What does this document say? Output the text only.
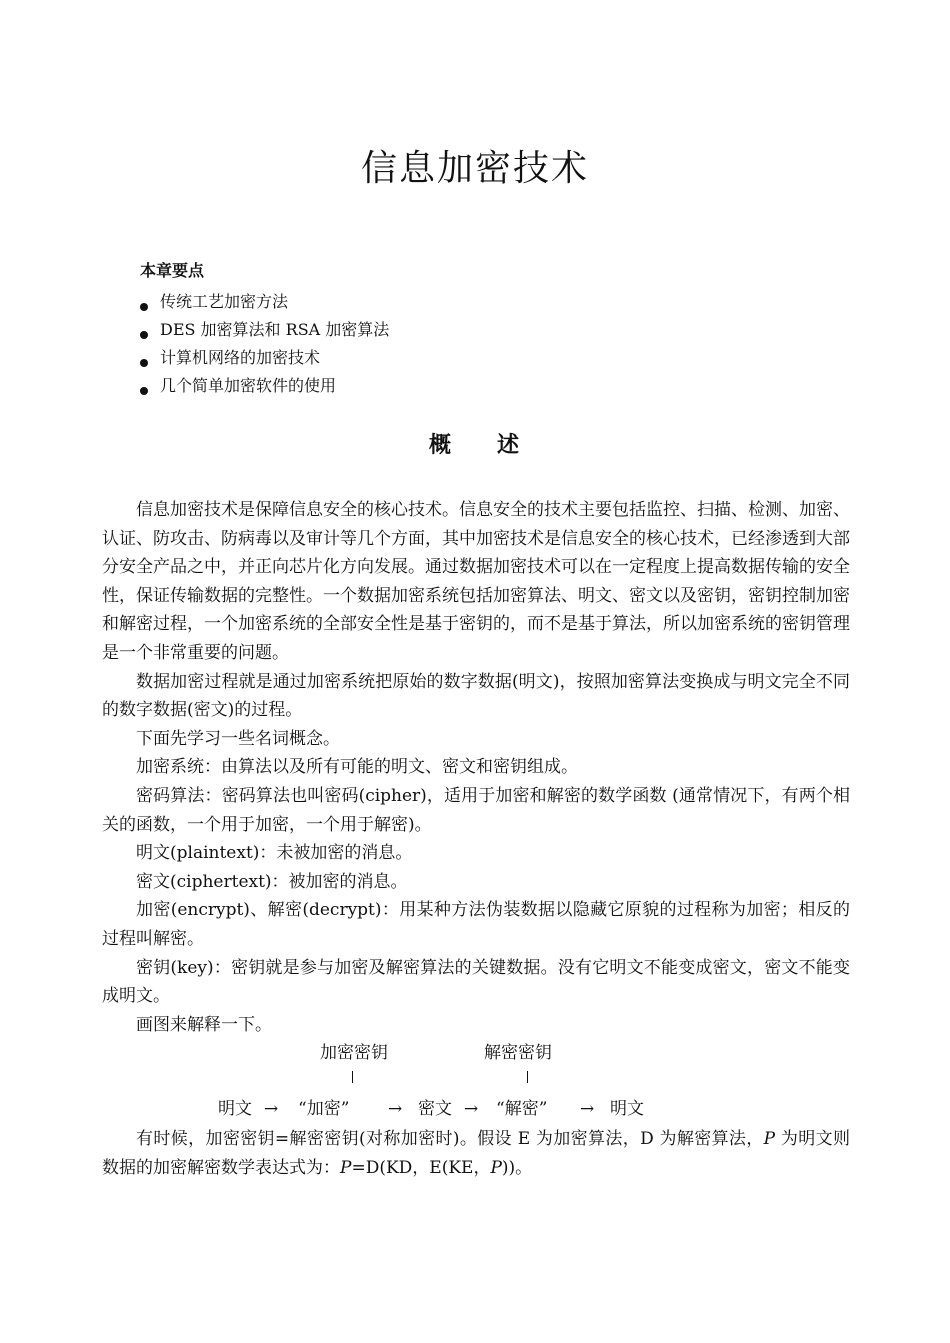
信息加密技术
本章要点
传统工艺加密方法
DES 加密算法和 RSA 加密算法
计算机网络的加密技术
几个简单加密软件的使用
概 述

信息加密技术是保障信息安全的核心技术。信息安全的技术主要包括监控、扫描、检测、加密、认证、防攻击、防病毒以及审计等几个方面，其中加密技术是信息安全的核心技术，已经渗透到大部分安全产品之中，并正向芯片化方向发展。通过数据加密技术可以在一定程度上提高数据传输的安全性，保证传输数据的完整性。一个数据加密系统包括加密算法、明文、密文以及密钥，密钥控制加密和解密过程，一个加密系统的全部安全性是基于密钥的，而不是基于算法，所以加密系统的密钥管理是一个非常重要的问题。

数据加密过程就是通过加密系统把原始的数字数据(明文)，按照加密算法变换成与明文完全不同的数字数据(密文)的过程。

下面先学习一些名词概念。

加密系统：由算法以及所有可能的明文、密文和密钥组成。

密码算法：密码算法也叫密码(cipher)，适用于加密和解密的数学函数 (通常情况下，有两个相关的函数，一个用于加密，一个用于解密)。

明文(plaintext)：未被加密的消息。

密文(ciphertext)：被加密的消息。

加密(encrypt)、解密(decrypt)：用某种方法伪装数据以隐藏它原貌的过程称为加密；相反的过程叫解密。

密钥(key)：密钥就是参与加密及解密算法的关键数据。没有它明文不能变成密文，密文不能变成明文。

画图来解释一下。

加密密钥	解密密钥
明文 → “加密” → 密文 → “解密” → 明文

有时候，加密密钥=解密密钥(对称加密时)。假设 E 为加密算法，D 为解密算法，P 为明文则数据的加密解密数学表达式为：P=D(KD，E(KE，P))。
